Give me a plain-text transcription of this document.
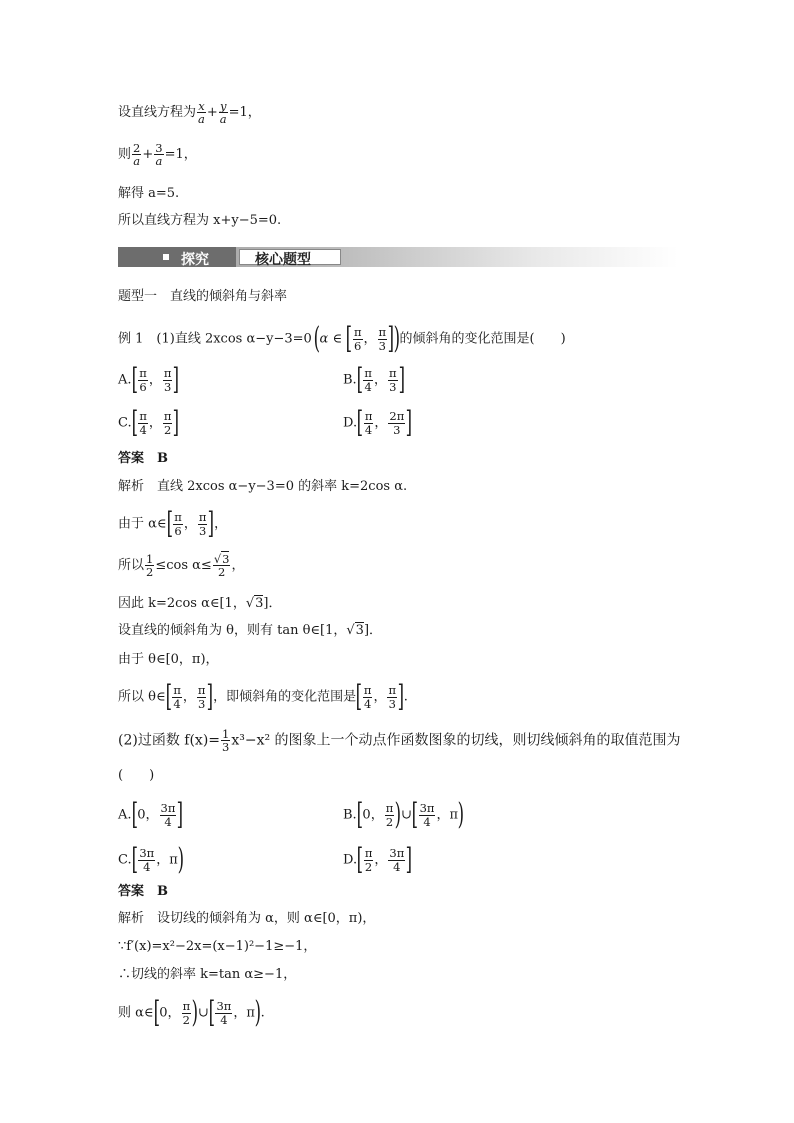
设直线方程为 $\frac{x}{a} + \frac{y}{a} =1$，
则 $\frac{2}{a} + \frac{3}{a} =1$，
解得 a=5.
所以直线方程为 x+y−5=0.
探究	核心题型
题型一　直线的倾斜角与斜率
例 1　(1)直线 2xcos α−y−3=0(α ∈ [ $\frac{\pi}{6}$ ， $\frac{\pi}{3}$ ])的倾斜角的变化范围是(　　)
$A.[ \frac{\pi}{6}$ ， $\frac{\pi}{3}$ ]	$B.[ \frac{\pi}{4}$ ， $\frac{\pi}{3}$ ]
$C.[ \frac{\pi}{4}$ ， $\frac{\pi}{2}$ ]	$D.[ \frac{\pi}{4}$ ， $\frac{2\pi}{3}$ ]
答案　B
解析　直线 2xcos α−y−3=0 的斜率 k=2cos α.
由于 α∈[ $\frac{\pi}{6}$ ， $\frac{\pi}{3}$ ]，
所以 $\frac{1}{2} \le\cos$ $\alpha\le \frac{√3}{2}$ ，
因此 k=2cos α∈[1，√3]．
设直线的倾斜角为 θ，则有 tan θ∈[1，√3]．
由于 θ∈[0，π)，
所以 θ∈[ $\frac{\pi}{4}$ ， $\frac{\pi}{3}$ ]，即倾斜角的变化范围是[ $\frac{\pi}{4}$ ， $\frac{\pi}{3}$ ].
(2)过函数 $f(x)= \frac{1}{3} x^3-x^2$ 的图象上一个动点作函数图象的切线，则切线倾斜角的取值范围为
(　　)
A.[0， $\frac{3\pi}{4}$ ]	B.[0， $\frac{\pi}{2}$ )∪[ $\frac{3\pi}{4}$ ，π)
$C.[ \frac{3\pi}{4}$ ，π)	$D.[ \frac{\pi}{2}$ ， $\frac{3\pi}{4}$ ]
答案　B
解析　设切线的倾斜角为 α，则 α∈[0，π)，
∵f′(x)=x²−2x=(x−1)²−1≥−1，
∴切线的斜率 k=tan α≥−1，
则 α∈[0， $\frac{\pi}{2}$ )∪[ $\frac{3\pi}{4}$ ，π).
